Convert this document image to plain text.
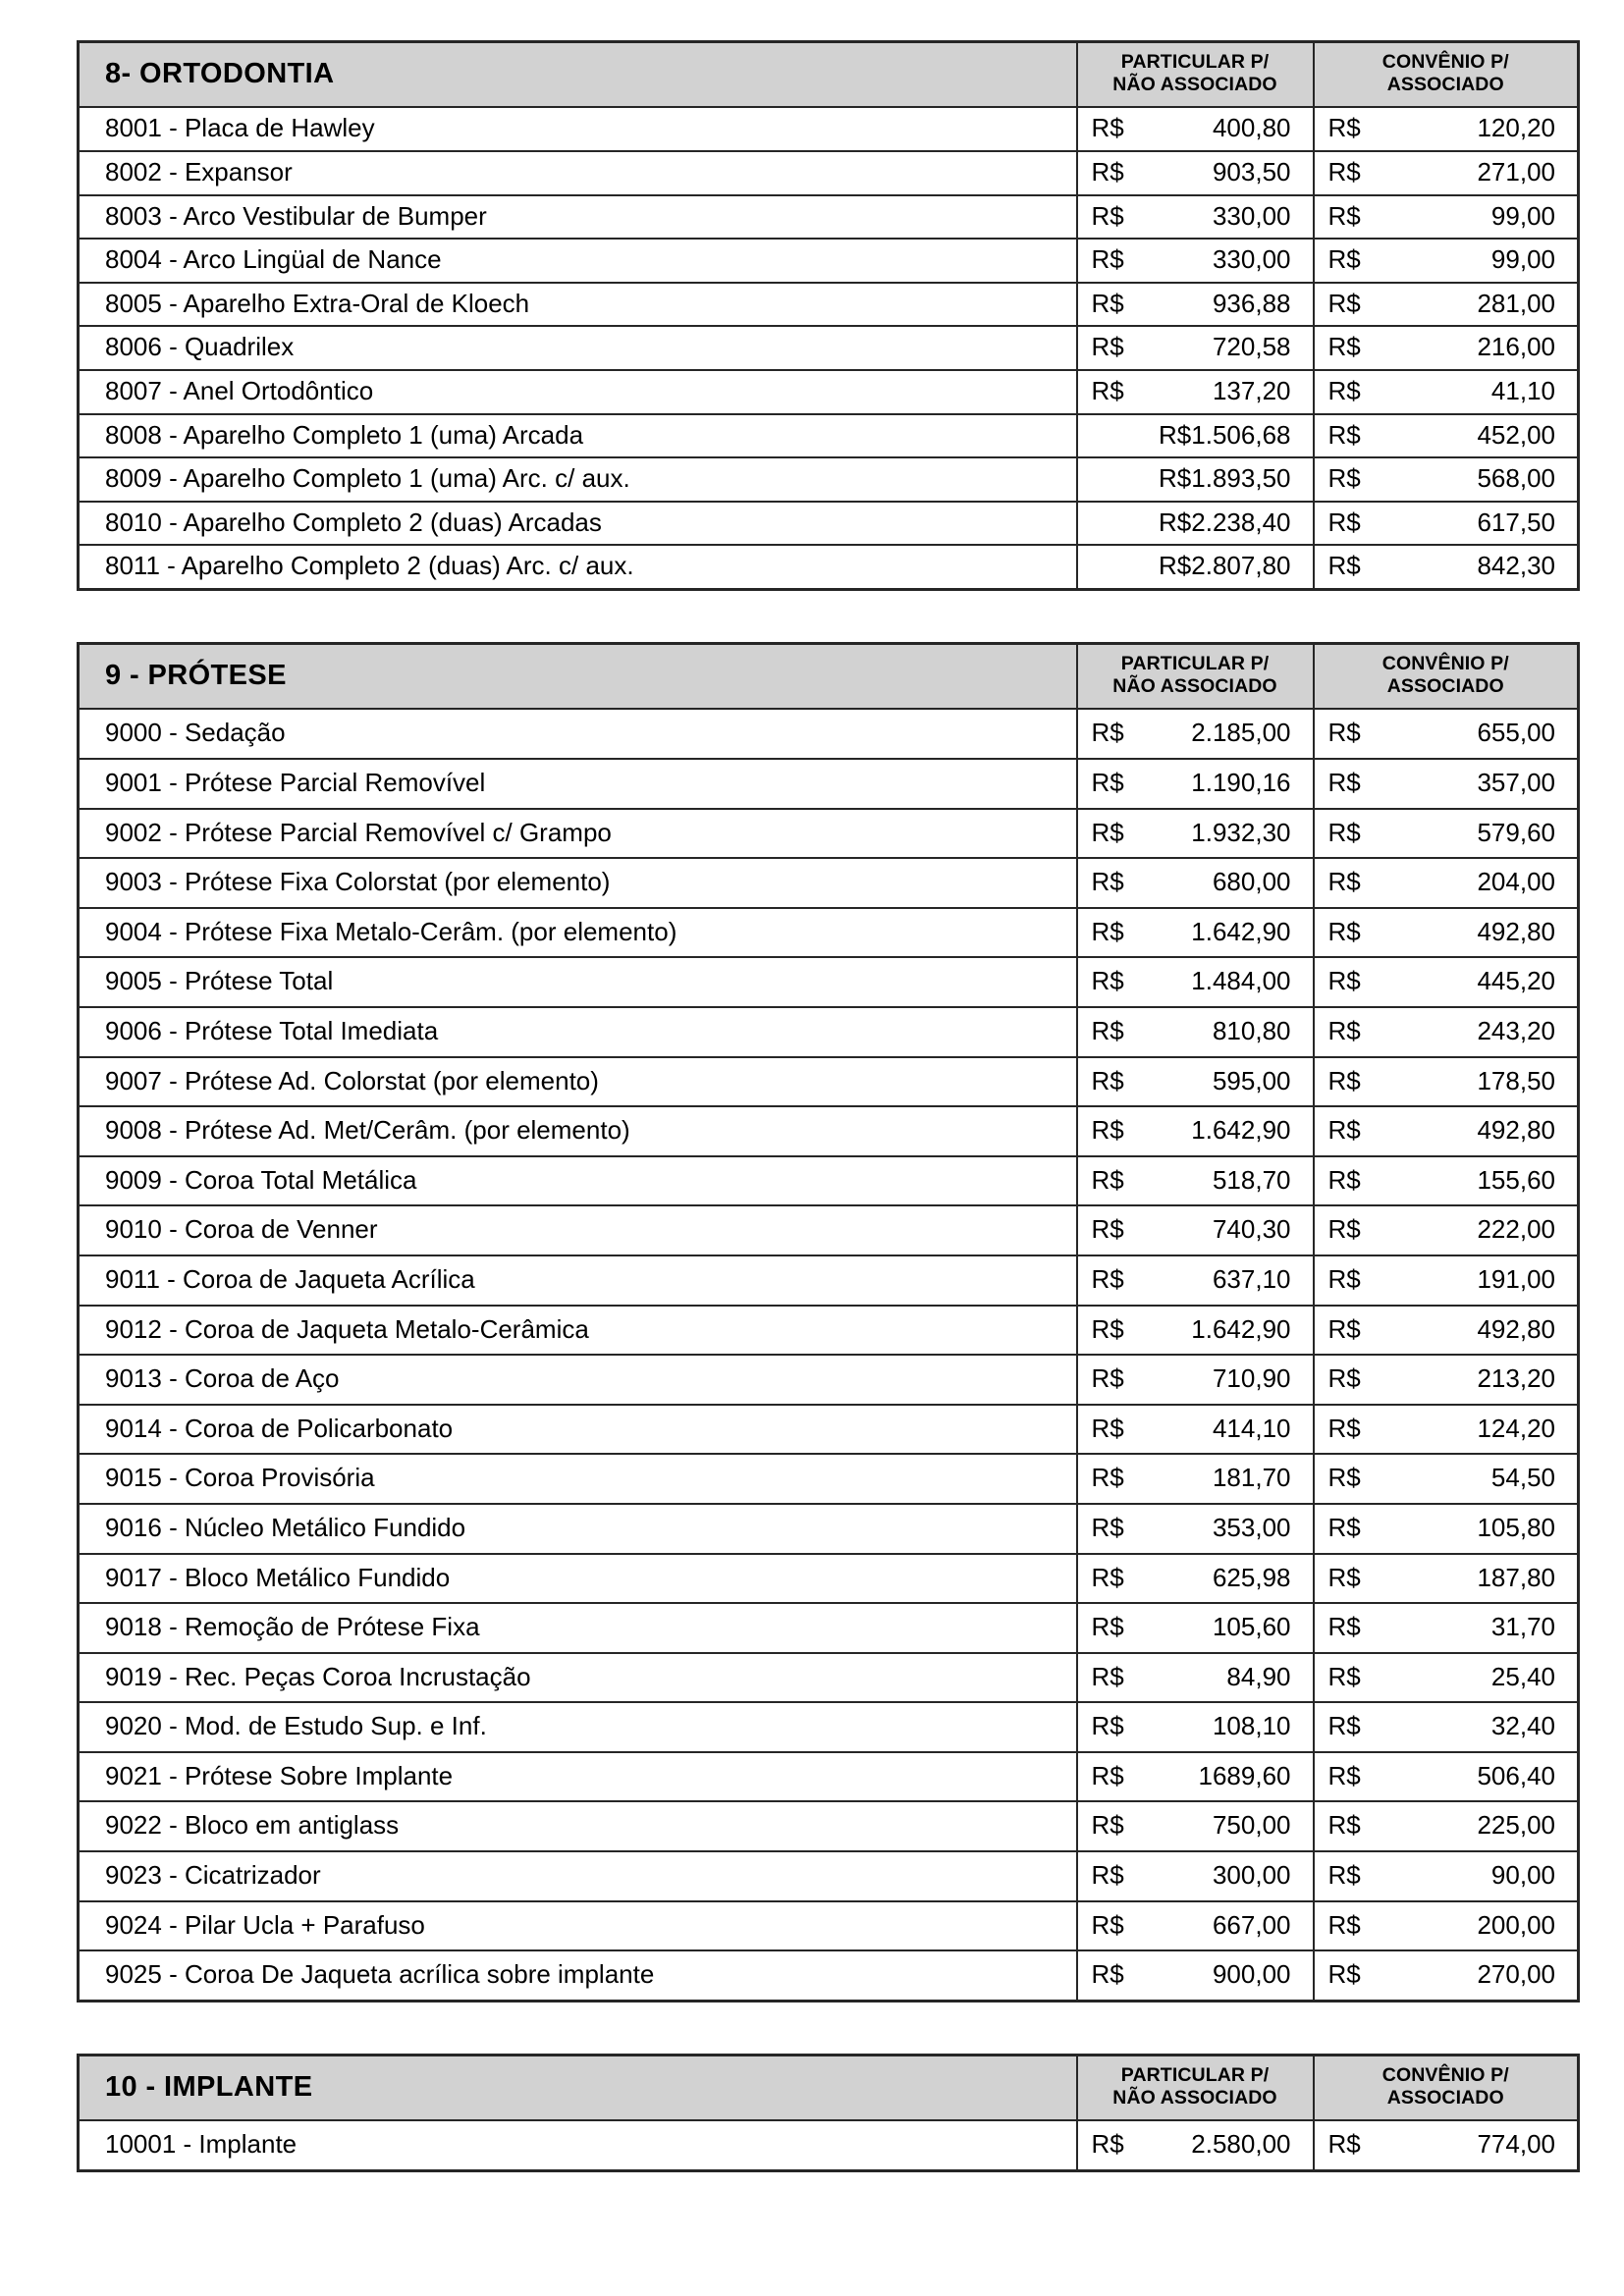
8- ORTODONTIA	PARTICULAR P/
NÃO ASSOCIADO	CONVÊNIO P/
ASSOCIADO
8001 - Placa de Hawley	R$ 400,80	R$ 120,20

8002 - Expansor	R$ 903,50	R$ 271,00

8003 - Arco Vestibular de Bumper	R$ 330,00	R$ 99,00

8004 - Arco Lingüal de Nance	R$ 330,00	R$ 99,00

8005 - Aparelho Extra-Oral de Kloech	R$ 936,88	R$ 281,00

8006 - Quadrilex	R$ 720,58	R$ 216,00

8007 - Anel Ortodôntico	R$ 137,20	R$ 41,10

8008 - Aparelho Completo 1 (uma) Arcada	R$ 1.506,68	R$ 452,00

8009 - Aparelho Completo 1 (uma) Arc. c/ aux.	R$ 1.893,50	R$ 568,00

8010 - Aparelho Completo 2 (duas) Arcadas	R$ 2.238,40	R$ 617,50

8011 - Aparelho Completo 2 (duas) Arc. c/ aux.	R$ 2.807,80	R$ 842,30
9 - PRÓTESE	PARTICULAR P/
NÃO ASSOCIADO	CONVÊNIO P/
ASSOCIADO
9000 - Sedação	R$ 2.185,00	R$ 655,00

9001 - Prótese Parcial Removível	R$ 1.190,16	R$ 357,00

9002 - Prótese Parcial Removível c/ Grampo	R$ 1.932,30	R$ 579,60

9003 - Prótese Fixa Colorstat (por elemento)	R$ 680,00	R$ 204,00

9004 - Prótese Fixa Metalo-Cerâm. (por elemento)	R$ 1.642,90	R$ 492,80

9005 - Prótese Total	R$ 1.484,00	R$ 445,20

9006 - Prótese Total Imediata	R$ 810,80	R$ 243,20

9007 - Prótese Ad. Colorstat (por elemento)	R$ 595,00	R$ 178,50

9008 - Prótese Ad. Met/Cerâm. (por elemento)	R$ 1.642,90	R$ 492,80

9009 - Coroa Total Metálica	R$ 518,70	R$ 155,60

9010 - Coroa de Venner	R$ 740,30	R$ 222,00

9011 - Coroa de Jaqueta Acrílica	R$ 637,10	R$ 191,00

9012 - Coroa de Jaqueta Metalo-Cerâmica	R$ 1.642,90	R$ 492,80

9013 - Coroa de Aço	R$ 710,90	R$ 213,20

9014 - Coroa de Policarbonato	R$ 414,10	R$ 124,20

9015 - Coroa Provisória	R$ 181,70	R$ 54,50

9016 - Núcleo Metálico Fundido	R$ 353,00	R$ 105,80

9017 - Bloco Metálico Fundido	R$ 625,98	R$ 187,80

9018 - Remoção de Prótese Fixa	R$ 105,60	R$ 31,70

9019 - Rec. Peças Coroa Incrustação	R$ 84,90	R$ 25,40

9020 - Mod. de Estudo Sup. e Inf.	R$ 108,10	R$ 32,40

9021 - Prótese Sobre Implante	R$ 1689,60	R$ 506,40

9022 - Bloco em antiglass	R$ 750,00	R$ 225,00

9023 - Cicatrizador	R$ 300,00	R$ 90,00

9024 - Pilar Ucla + Parafuso	R$ 667,00	R$ 200,00

9025 - Coroa De Jaqueta acrílica sobre implante	R$ 900,00	R$ 270,00
10 - IMPLANTE	PARTICULAR P/
NÃO ASSOCIADO	CONVÊNIO P/
ASSOCIADO
10001 - Implante	R$ 2.580,00	R$ 774,00
